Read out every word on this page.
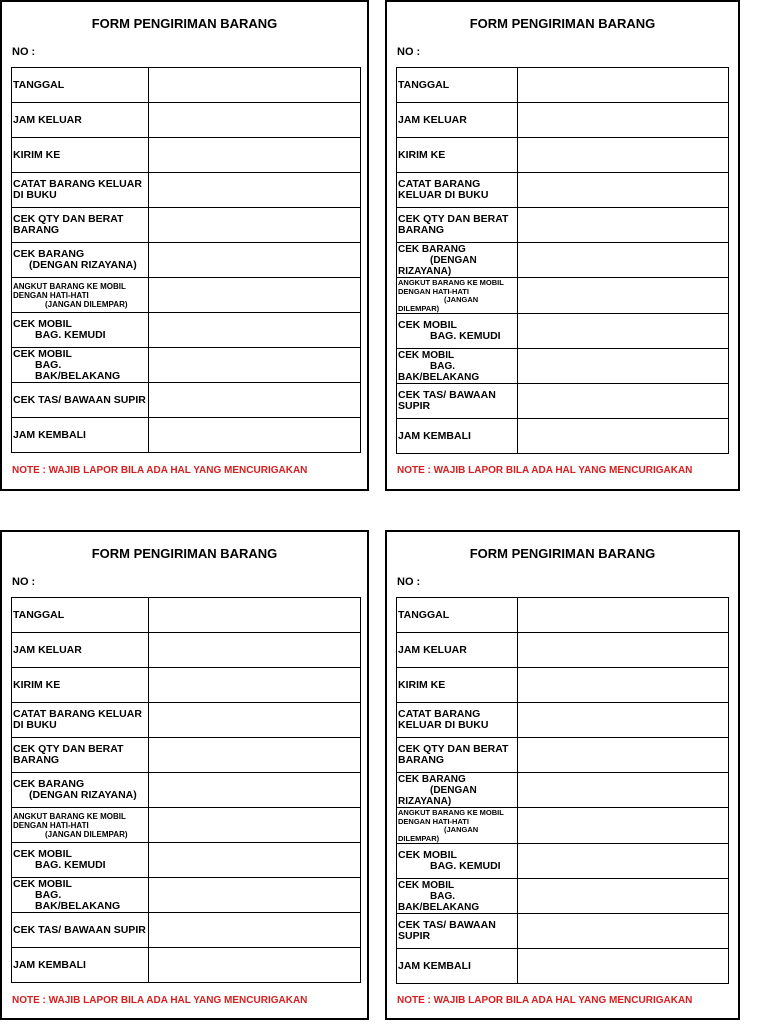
FORM PENGIRIMAN BARANG
NO :
TANGGAL	

JAM KELUAR	

KIRIM KE	

CATAT BARANG KELUAR
DI BUKU	

CEK QTY DAN BERAT
BARANG	

CEK BARANG
(DENGAN RIZAYANA)	

ANGKUT BARANG KE MOBIL
DENGAN HATI-HATI
(JANGAN DILEMPAR)	

CEK MOBIL
BAG. KEMUDI	

CEK MOBIL
BAG. BAK/BELAKANG	

CEK TAS/ BAWAAN SUPIR	

JAM KEMBALI	

NOTE : WAJIB LAPOR BILA ADA HAL YANG MENCURIGAKAN
FORM PENGIRIMAN BARANG
NO :
TANGGAL	

JAM KELUAR	

KIRIM KE	

CATAT BARANG
KELUAR DI BUKU	

CEK QTY DAN BERAT
BARANG	

CEK BARANG
(DENGAN
RIZAYANA)	

ANGKUT BARANG KE MOBIL
DENGAN HATI-HATI
(JANGAN
DILEMPAR)	

CEK MOBIL
BAG. KEMUDI	

CEK MOBIL
BAG.
BAK/BELAKANG	

CEK TAS/ BAWAAN
SUPIR	

JAM KEMBALI	

NOTE : WAJIB LAPOR BILA ADA HAL YANG MENCURIGAKAN
FORM PENGIRIMAN BARANG
NO :
TANGGAL	

JAM KELUAR	

KIRIM KE	

CATAT BARANG KELUAR
DI BUKU	

CEK QTY DAN BERAT
BARANG	

CEK BARANG
(DENGAN RIZAYANA)	

ANGKUT BARANG KE MOBIL
DENGAN HATI-HATI
(JANGAN DILEMPAR)	

CEK MOBIL
BAG. KEMUDI	

CEK MOBIL
BAG. BAK/BELAKANG	

CEK TAS/ BAWAAN SUPIR	

JAM KEMBALI	

NOTE : WAJIB LAPOR BILA ADA HAL YANG MENCURIGAKAN
FORM PENGIRIMAN BARANG
NO :
TANGGAL	

JAM KELUAR	

KIRIM KE	

CATAT BARANG
KELUAR DI BUKU	

CEK QTY DAN BERAT
BARANG	

CEK BARANG
(DENGAN
RIZAYANA)	

ANGKUT BARANG KE MOBIL
DENGAN HATI-HATI
(JANGAN
DILEMPAR)	

CEK MOBIL
BAG. KEMUDI	

CEK MOBIL
BAG.
BAK/BELAKANG	

CEK TAS/ BAWAAN
SUPIR	

JAM KEMBALI	

NOTE : WAJIB LAPOR BILA ADA HAL YANG MENCURIGAKAN
